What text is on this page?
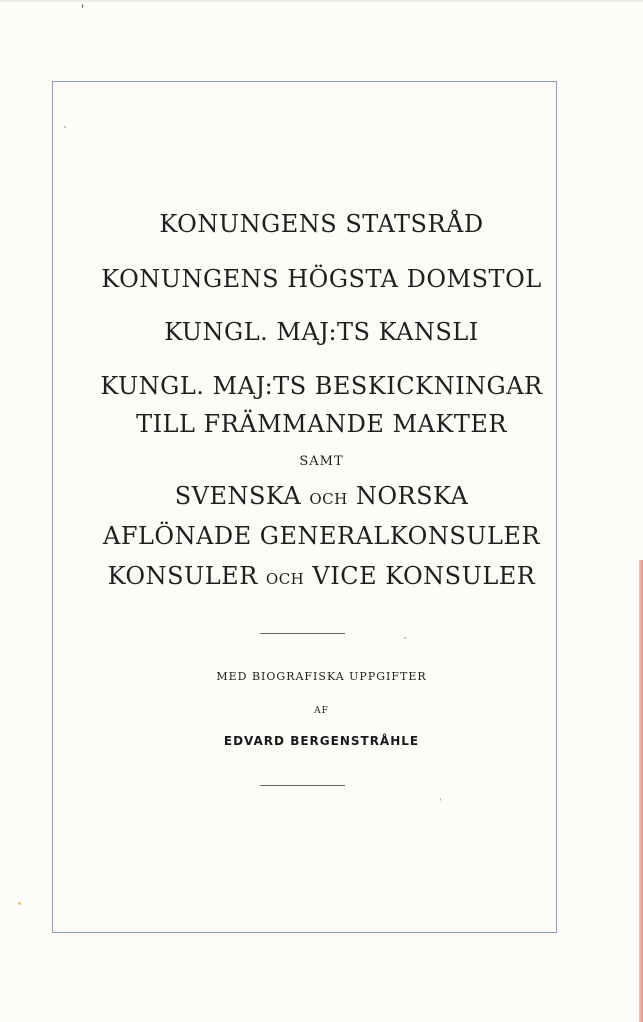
KONUNGENS STATSRÅD
KONUNGENS HÖGSTA DOMSTOL
KUNGL. MAJ:TS KANSLI
KUNGL. MAJ:TS BESKICKNINGAR
TILL FRÄMMANDE MAKTER
SAMT
SVENSKA OCH NORSKA
AFLÖNADE GENERALKONSULER
KONSULER OCH VICE KONSULER
MED BIOGRAFISKA UPPGIFTER
AF
EDVARD BERGENSTRÅHLE
